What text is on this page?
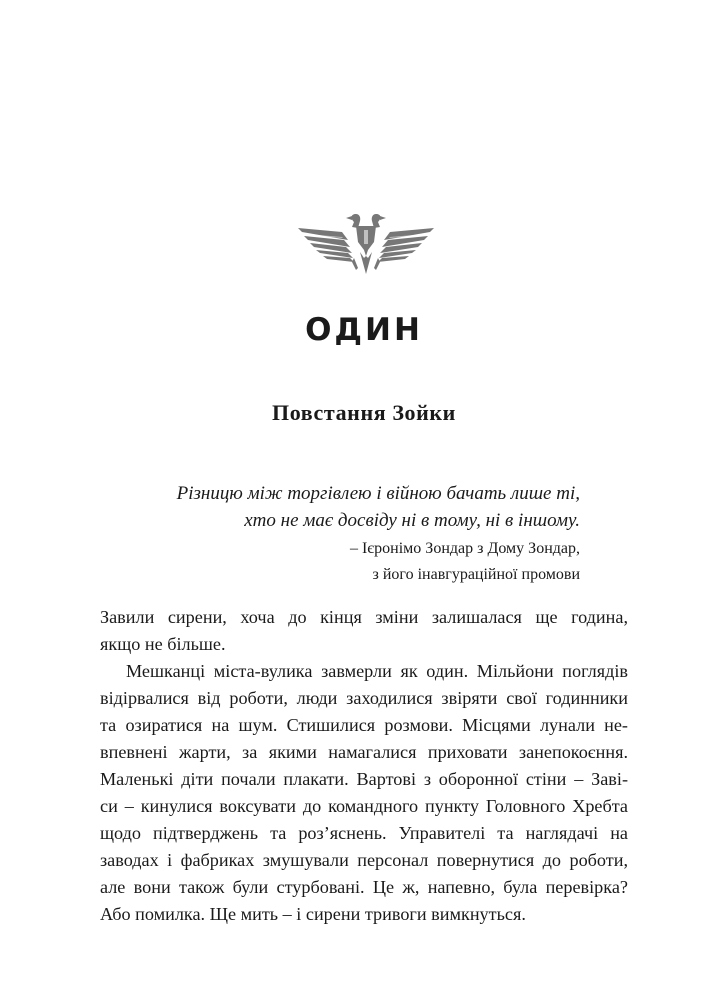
ОДИН
Повстання Зойки
Різницю між торгівлею і війною бачать лише ті,
хто не має досвіду ні в тому, ні в іншому.
– Ієронімо Зондар з Дому Зондар,
з його інавгураційної промови
Завили сирени, хоча до кінця зміни залишалася ще година,
якщо не більше.
Мешканці міста-вулика завмерли як один. Мільйони поглядів
відірвалися від роботи, люди заходилися звіряти свої годинники
та озиратися на шум. Стишилися розмови. Місцями лунали не-
впевнені жарти, за якими намагалися приховати занепокоєння.
Маленькі діти почали плакати. Вартові з оборонної стіни – Заві-
си – кинулися воксувати до командного пункту Головного Хребта
щодо підтверджень та роз’яснень. Управителі та наглядачі на
заводах і фабриках змушували персонал повернутися до роботи,
але вони також були стурбовані. Це ж, напевно, була перевірка?
Або помилка. Ще мить – і сирени тривоги вимкнуться.
